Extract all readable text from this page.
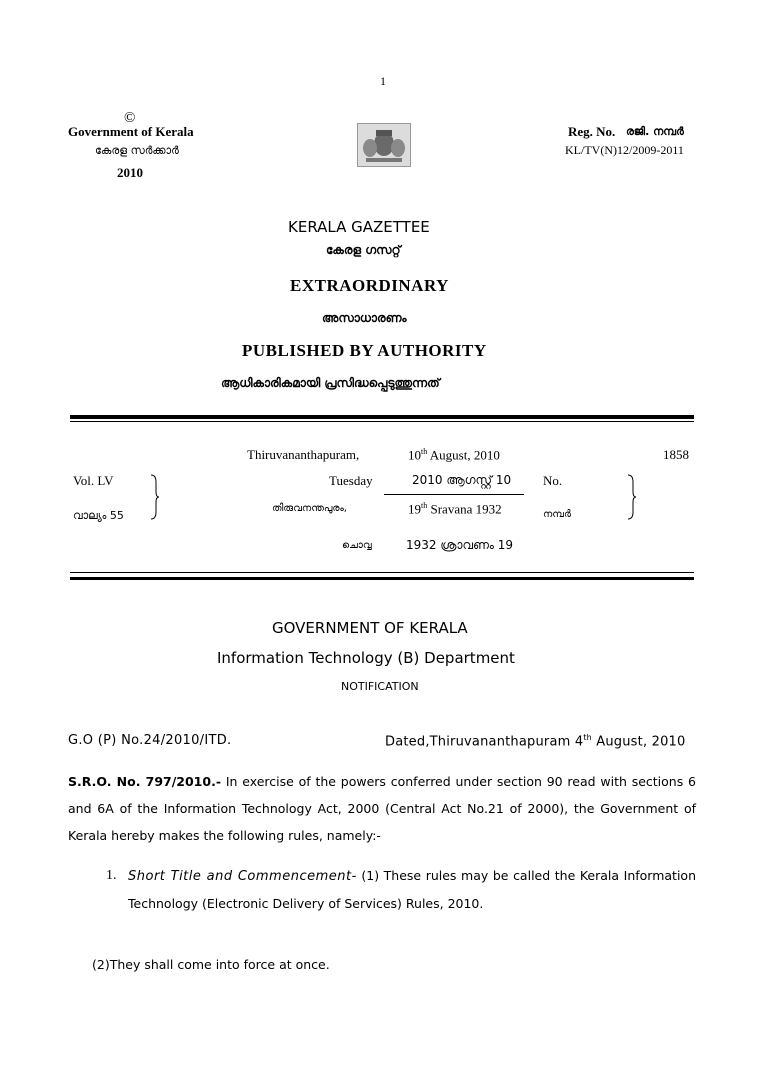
1
©
Government of Kerala
കേരള സർക്കാർ
2010
Reg. No. രജി. നമ്പർ
KL/TV(N)12/2009-2011
KERALA GAZETTEE
കേരള ഗസറ്റ്
EXTRAORDINARY
അസാധാരണം
PUBLISHED BY AUTHORITY
ആധികാരികമായി പ്രസിദ്ധപ്പെടുത്തുന്നത്
Thiruvananthapuram,	10th August, 2010	1858
Vol. LV	Tuesday	2010 ആഗസ്റ്റ് 10 No.
വാല്യം 55
തിരുവനന്തപുരം,	19th Sravana 1932	നമ്പർ
ചൊവ്വ	1932 ശ്രാവണം 19
GOVERNMENT OF KERALA
Information Technology (B) Department
NOTIFICATION
G.O (P) No.24/2010/ITD.	Dated,Thiruvananthapuram 4th August, 2010
S.R.O. No. 797/2010.- In exercise of the powers conferred under section 90 read with sections 6 and 6A of the Information Technology Act, 2000 (Central Act No.21 of 2000), the Government of Kerala hereby makes the following rules, namely:-
1. Short Title and Commencement- (1) These rules may be called the Kerala Information Technology (Electronic Delivery of Services) Rules, 2010.
(2)They shall come into force at once.
